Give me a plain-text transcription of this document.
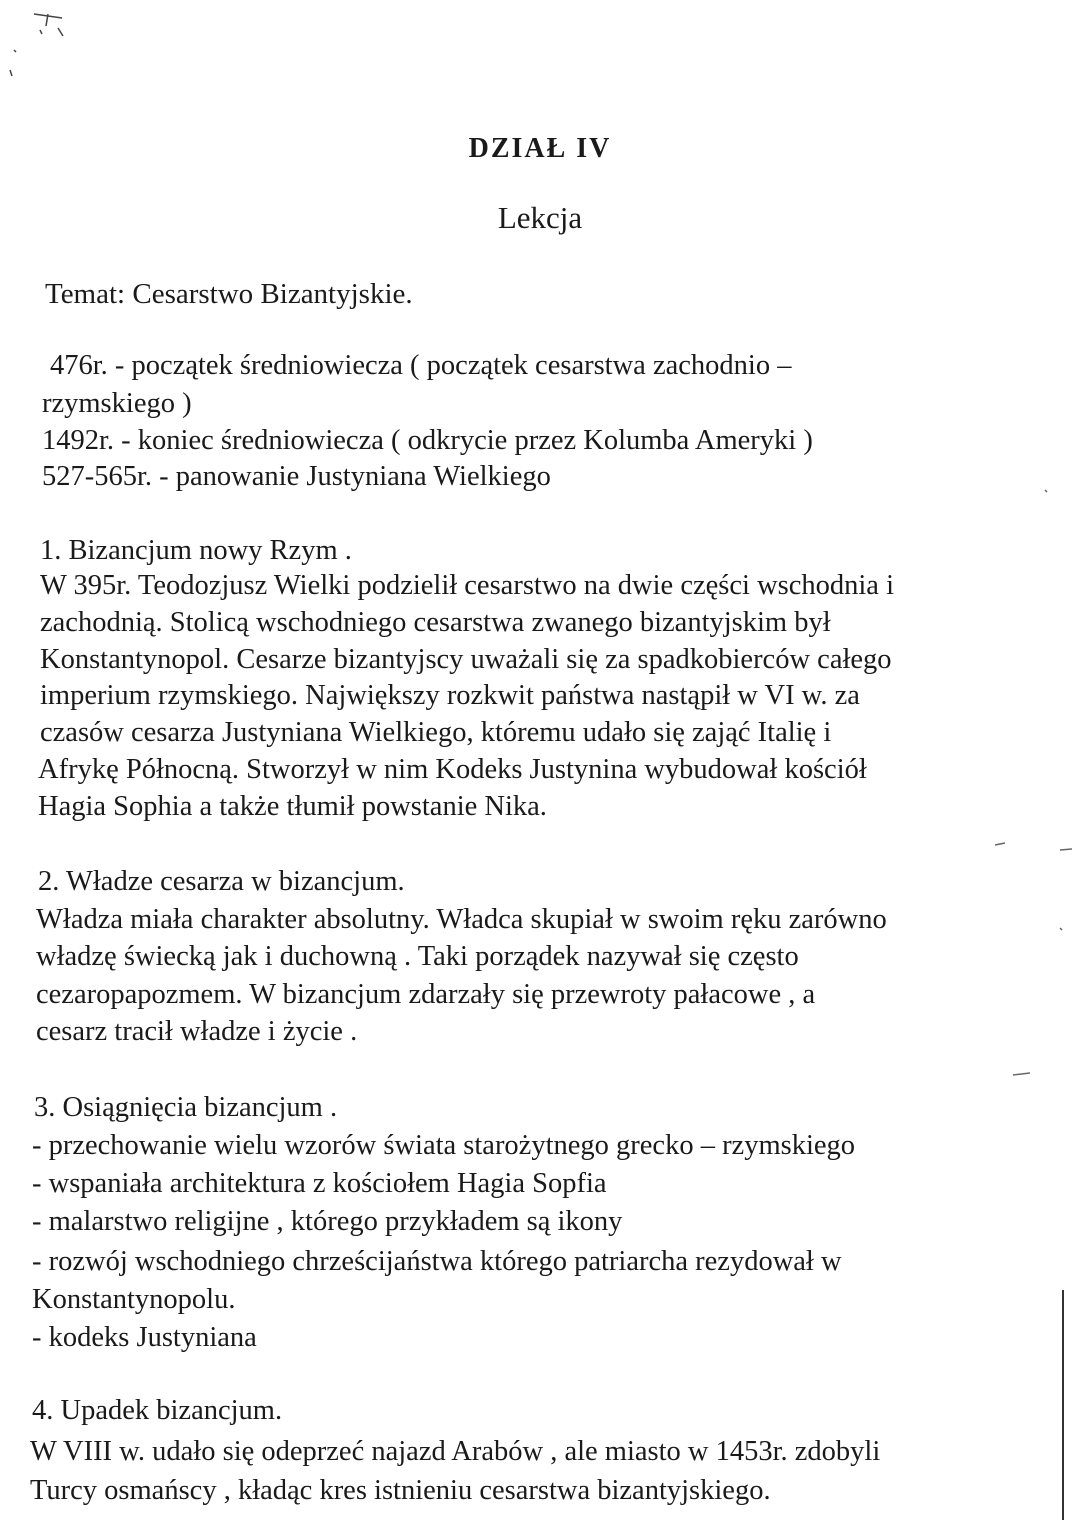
DZIAŁ IV
Lekcja
Temat: Cesarstwo Bizantyjskie.
476r. - początek średniowiecza ( początek cesarstwa zachodnio –
rzymskiego )
1492r. - koniec średniowiecza ( odkrycie przez Kolumba Ameryki )
527-565r. - panowanie Justyniana Wielkiego
1. Bizancjum nowy Rzym .
W 395r. Teodozjusz Wielki podzielił cesarstwo na dwie części wschodnia i
zachodnią. Stolicą wschodniego cesarstwa zwanego bizantyjskim był
Konstantynopol. Cesarze bizantyjscy uważali się za spadkobierców całego
imperium rzymskiego. Największy rozkwit państwa nastąpił w VI w. za
czasów cesarza Justyniana Wielkiego, któremu udało się zająć Italię i
Afrykę Północną. Stworzył w nim Kodeks Justynina wybudował kościół
Hagia Sophia a także tłumił powstanie Nika.
2. Władze cesarza w bizancjum.
Władza miała charakter absolutny. Władca skupiał w swoim ręku zarówno
władzę świecką jak i duchowną . Taki porządek nazywał się często
cezaropapozmem. W bizancjum zdarzały się przewroty pałacowe , a
cesarz tracił władze i życie .
3. Osiągnięcia bizancjum .
- przechowanie wielu wzorów świata starożytnego grecko – rzymskiego
- wspaniała architektura z kościołem Hagia Sopfia
- malarstwo religijne , którego przykładem są ikony
- rozwój wschodniego chrześcijaństwa którego patriarcha rezydował w
Konstantynopolu.
- kodeks Justyniana
4. Upadek bizancjum.
W VIII w. udało się odeprzeć najazd Arabów , ale miasto w 1453r. zdobyli
Turcy osmańscy , kładąc kres istnieniu cesarstwa bizantyjskiego.
